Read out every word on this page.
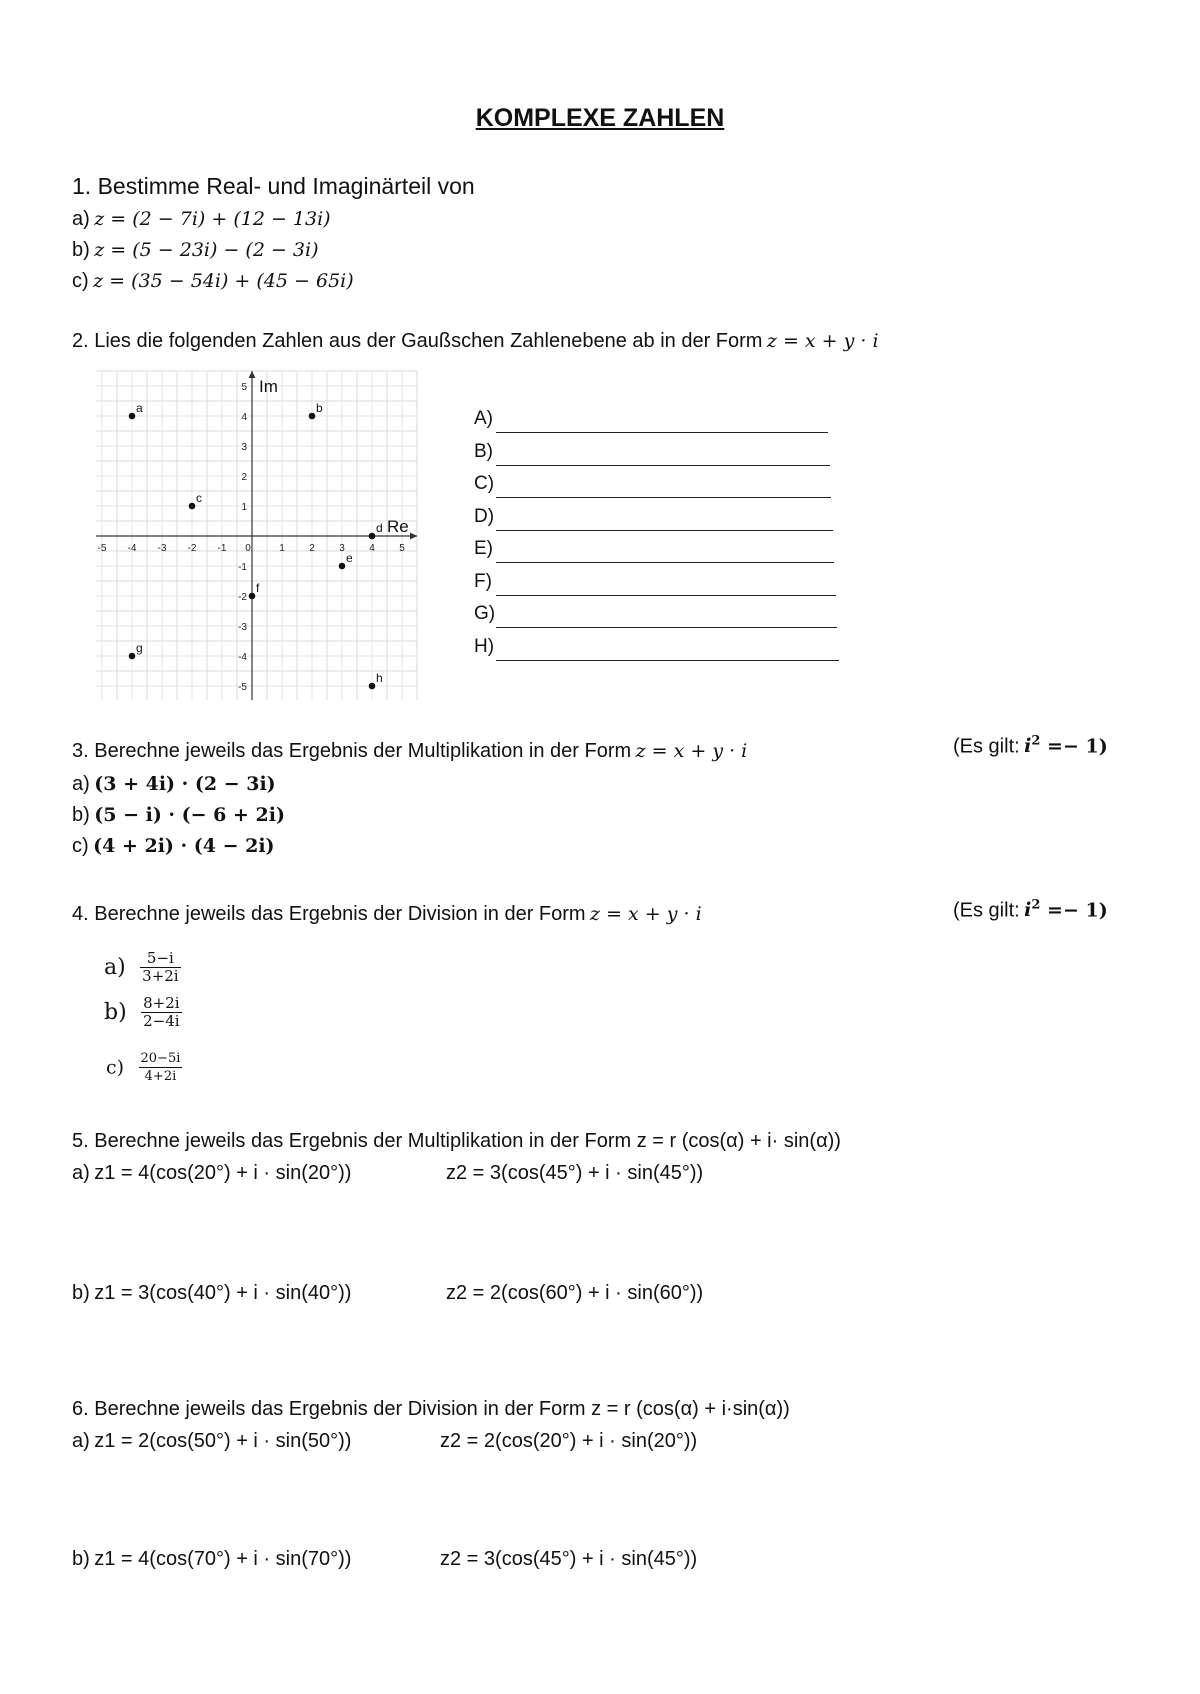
KOMPLEXE ZAHLEN
1. Bestimme Real- und Imaginärteil von
a) z = (2 − 7i) + (12 − 13i)
b) z = (5 − 23i) − (2 − 3i)
c) z = (35 − 54i) + (45 − 65i)
2. Lies die folgenden Zahlen aus der Gaußschen Zahlenebene ab in der Form z = x + y · i
Re
Im
-5 -4 -3 -2 -1 0	1 2 3 4 5
5
4
3
2
1
-1
-2
-3
-4
-5
a	b
c
d
e
f
g
h
A)
B)
C)
D)
E)
F)
G)
H)
3. Berechne jeweils das Ergebnis der Multiplikation in der Form z = x + y · i	(Es gilt: $i^2 =- 1$)
a) (3 + 4i) · (2 − 3i)
b) (5 − i) · (− 6 + 2i)
c) (4 + 2i) · (4 − 2i)
4. Berechne jeweils das Ergebnis der Division in der Form z = x + y · i	(Es gilt: $i^2 =- 1$)
$a) \frac{5-i}{3+2i}$
$b) \frac{8+2i}{2-4i}$
$c) \frac{20-5i}{4+2i}$
5. Berechne jeweils das Ergebnis der Multiplikation in der Form z = r (cos(α) + i· sin(α))
a) z1 = 4(cos(20°) + i · sin(20°))	z2 = 3(cos(45°) + i · sin(45°))
b) z1 = 3(cos(40°) + i · sin(40°))	z2 = 2(cos(60°) + i · sin(60°))
6. Berechne jeweils das Ergebnis der Division in der Form z = r (cos(α) + i·sin(α))
a) z1 = 2(cos(50°) + i · sin(50°))	z2 = 2(cos(20°) + i · sin(20°))
b) z1 = 4(cos(70°) + i · sin(70°))	z2 = 3(cos(45°) + i · sin(45°))
